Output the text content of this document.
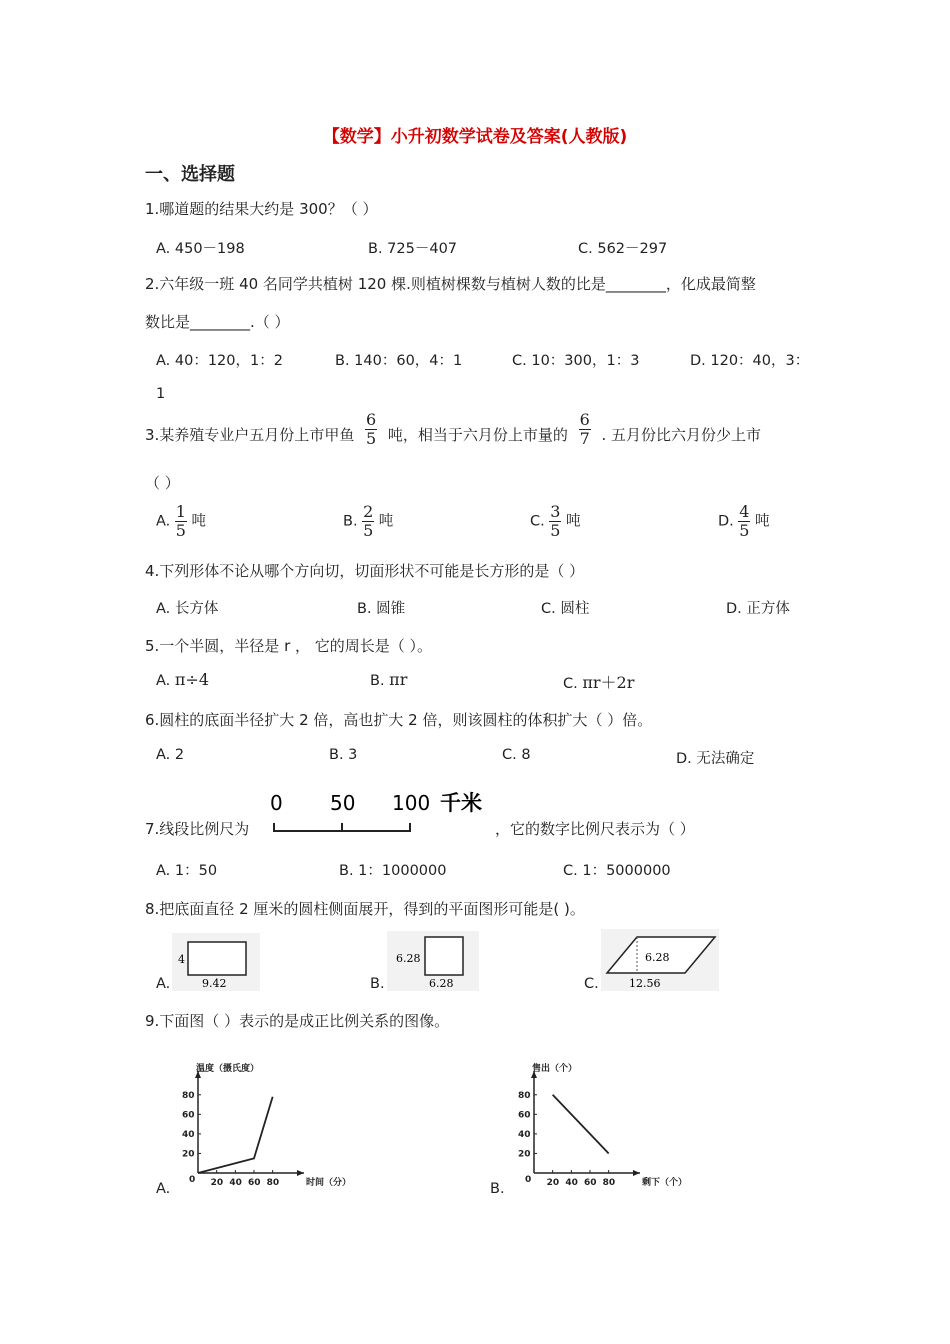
【数学】小升初数学试卷及答案(人教版)
一、选择题
1.哪道题的结果大约是 300？（ ）
A. 450－198	B. 725－407	C. 562－297
2.六年级一班 40 名同学共植树 120 棵.则植树棵数与植树人数的比是________，化成最简整
数比是________.（ ）
A. 40：120，1：2	B. 140：60，4：1	C. 10：300，1：3	D. 120：40，3：
1
3.某养殖专业户五月份上市甲鱼 $\frac{6}{5}$ 吨，相当于六月份上市量的 $\frac{6}{7}$ . 五月份比六月份少上市
（ ）
A. $\frac{1}{5}$ 吨	B. $\frac{2}{5}$ 吨	C. $\frac{3}{5}$ 吨	D. $\frac{4}{5}$ 吨
4.下列形体不论从哪个方向切，切面形状不可能是长方形的是（ ）
A. 长方体	B. 圆锥	C. 圆柱	D. 正方体
5.一个半圆，半径是 r ， 它的周长是（ ）。
A. π÷4	B. πr	C. πr＋2r
6.圆柱的底面半径扩大 2 倍，高也扩大 2 倍，则该圆柱的体积扩大（ ）倍。
A. 2	B. 3	C. 8	D. 无法确定
7.线段比例尺为
0 50 100 千米
，它的数字比例尺表示为（ ）
A. 1：50	B. 1：1000000	C. 1：5000000
8.把底面直径 2 厘米的圆柱侧面展开，得到的平面图形可能是( )。
A.
4
9.42	B.
6.28
6.28	C.
6.28
12.56
9.下面图（ ）表示的是成正比例关系的图像。
A.	B.
0 20 40 60 80
20
40
60
80
温度（摄氏度）
时间（分）	0 20 40 60 80
20
40
60
80
售出（个）
剩下（个）
